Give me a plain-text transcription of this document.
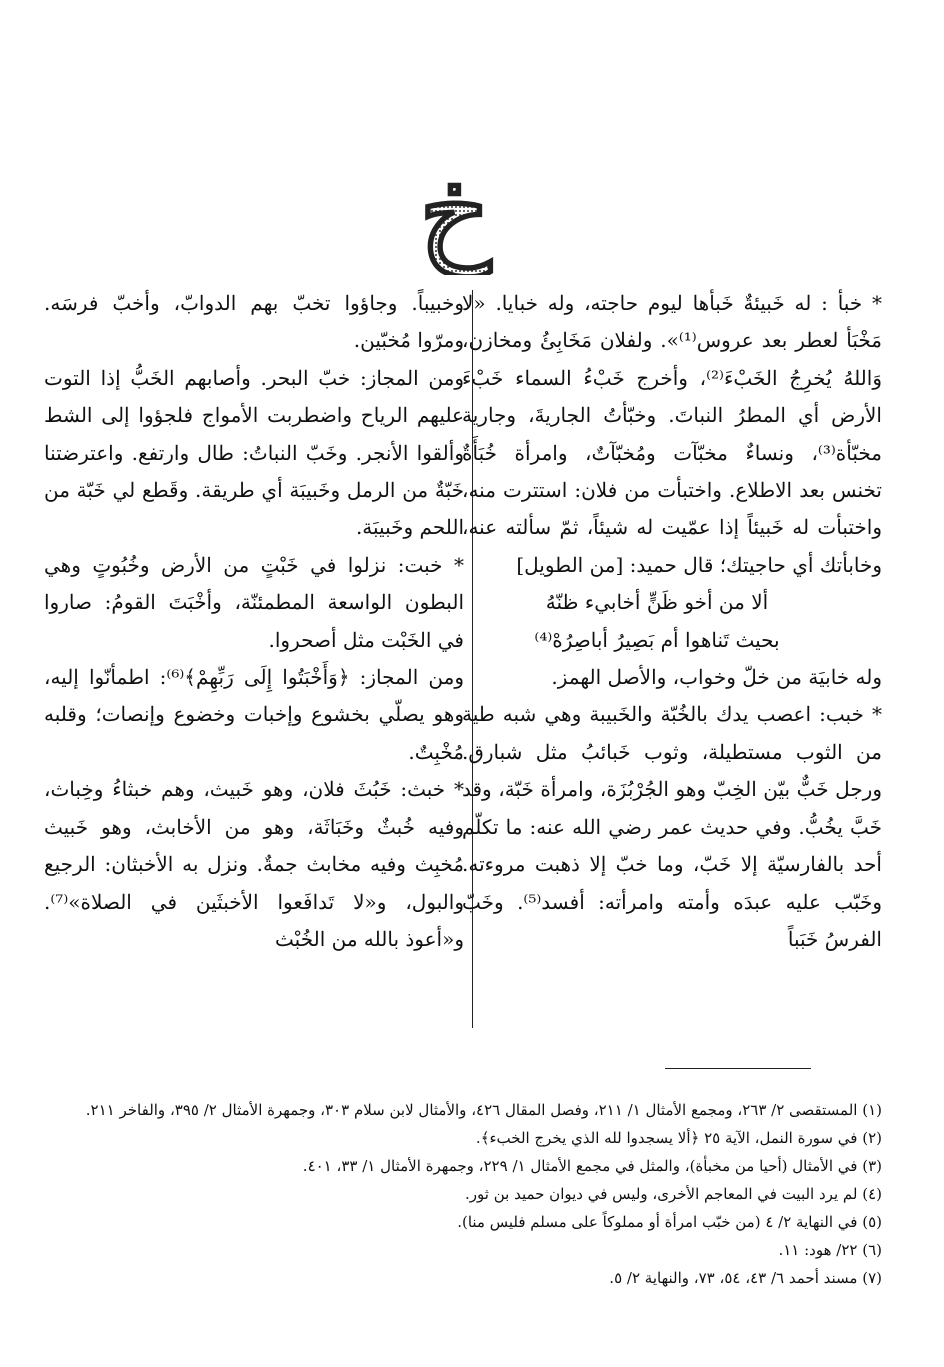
خ

* خبأ : له خَبيئةٌ خَبأها ليوم حاجته، وله خبايا. «لا مَخْبَأ لعطر بعد عروس⁽¹⁾». ولفلان مَخَابِئُ ومخازن، وَاللهُ يُخرِجُ الخَبْءَ⁽²⁾، وأخرج خَبْءُ السماء خَبْءَ الأرض أي المطرُ النباتَ. وخبّأتُ الجاريةَ، وجارية مخبّأة⁽³⁾، ونساءٌ مخبّآت ومُخبّآتٌ، وامرأة خُبَأَةٌ تخنس بعد الاطلاع. واختبأت من فلان: استترت منه، واختبأت له خَبيئاً إذا عمّيت له شيئاً، ثمّ سألته عنه، وخابأتك أي حاجيتك؛ قال حميد: [من الطويل]

ألا من أخو ظَنٍّ أخابيء ظنّهُ

بحيث تَناهوا أم بَصِيرُ أباصِرُهْ⁽⁴⁾

وله خابيَة من خلّ وخواب، والأصل الهمز.

* خبب: اعصب يدك بالخُبّة والخَبيبة وهي شبه طية من الثوب مستطيلة، وثوب خَبائبُ مثل شبارق. ورجل خَبٌّ بيّن الخِبّ وهو الجُرْبُزَة، وامرأة خَبّة، وقد خَبَّ يخُبُّ. وفي حديث عمر رضي الله عنه: ما تكلّم أحد بالفارسيّة إلا خَبّ، وما خبّ إلا ذهبت مروءته. وخَبّب عليه عبدَه وأمته وامرأته: أفسد⁽⁵⁾. وخَبّ الفرسُ خَبَباً

وخبيباً. وجاؤوا تخبّ بهم الدوابّ، وأخبّ فرسَه. ومرّوا مُخبّين.

ومن المجاز: خبّ البحر. وأصابهم الخَبُّ إذا التوت عليهم الرياح واضطربت الأمواج فلجؤوا إلى الشط وألقوا الأنجر. وخَبّ النباتُ: طال وارتفع. واعترضتنا خَبّةٌ من الرمل وخَبيبَة أي طريقة. وقَطع لي خَبّة من اللحم وخَبيبَة.

* خبت: نزلوا في خَبْتٍ من الأرض وخُبُوتٍ وهي البطون الواسعة المطمئنّة، وأخْبَتَ القومُ: صاروا في الخَبْت مثل أصحروا.

ومن المجاز: ﴿وَأَخْبَتُوا إِلَى رَبِّهِمْ﴾⁽⁶⁾: اطمأنّوا إليه، وهو يصلّي بخشوع وإخبات وخضوع وإنصات؛ وقلبه مُخْبِتٌ.

* خبث: خَبُثَ فلان، وهو خَبيث، وهم خبثاءُ وخِباث، وفيه خُبثٌ وخَبَاثَة، وهو من الأخابث، وهو خَبيث مُخبِث وفيه مخابث جمةٌ. ونزل به الأخبثان: الرجيع والبول، و«لا تَدافَعوا الأخبثَين في الصلاة»⁽⁷⁾. و«أعوذ بالله من الخُبْث

(١) المستقصى ٢/ ٢٦٣، ومجمع الأمثال ١/ ٢١١، وفصل المقال ٤٢٦، والأمثال لابن سلام ٣٠٣، وجمهرة الأمثال ٢/ ٣٩٥، والفاخر ٢١١.

(٢) في سورة النمل، الآية ٢٥ ﴿ألا يسجدوا لله الذي يخرج الخبء﴾.

(٣) في الأمثال (أحيا من مخبأة)، والمثل في مجمع الأمثال ١/ ٢٢٩، وجمهرة الأمثال ١/ ٣٣، ٤٠١.

(٤) لم يرد البيت في المعاجم الأخرى، وليس في ديوان حميد بن ثور.

(٥) في النهاية ٢/ ٤ (من خبّب امرأة أو مملوكاً على مسلم فليس منا).

(٦) ٢٢/ هود: ١١.

(٧) مسند أحمد ٦/ ٤٣، ٥٤، ٧٣، والنهاية ٢/ ٥.
